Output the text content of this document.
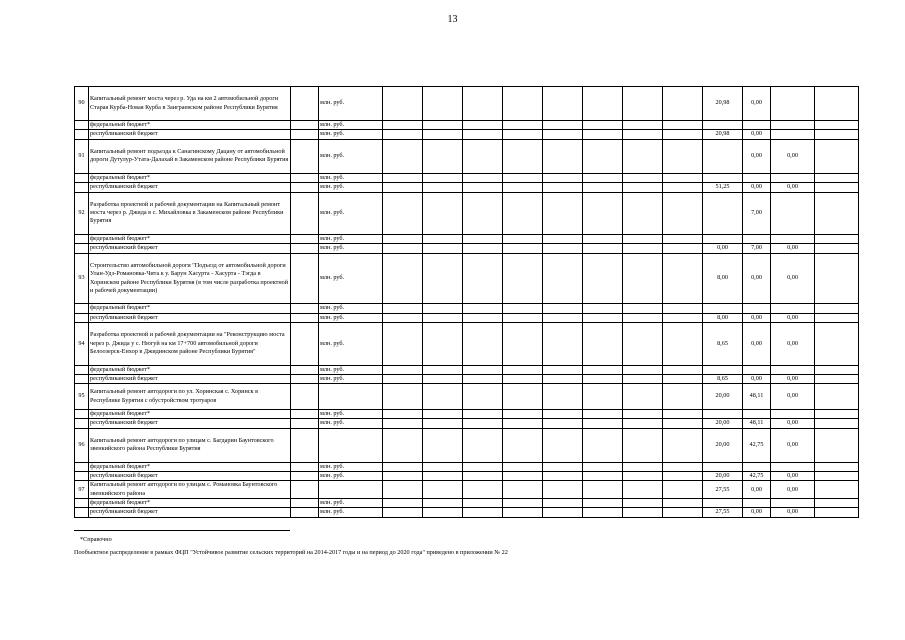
13
90	Капитальный ремонт моста через р. Уда на км 2 автомобильной дороги Старая Курба-Новая Курба в Заиграевском районе Республики Бурятия		млн. руб.									20,98	0,00		
	федеральный бюджет*		млн. руб.												
	республиканский бюджет		млн. руб.									20,98	0,00		
91	Капитальный ремонт подъезда к Санагинскому Дацану от автомобильной дороги Дутулур-Утата-Далахай в Закаменском районе Республики Бурятия		млн. руб.										0,00	0,00	
	федеральный бюджет*		млн. руб.												
	республиканский бюджет		млн. руб.									51,25	0,00	0,00	
92	Разработка проектной и рабочей документации на Капитальный ремонт моста через р. Джида в с. Михайловка в Закаменском районе Республики Бурятия		млн. руб.										7,00		
	федеральный бюджет*		млн. руб.												
	республиканский бюджет		млн. руб.									0,00	7,00	0,00	
93	Строительство автомобильной дороги "Подъезд от автомобильной дороги Улан-Удэ-Романовка-Чита к у. Барун Хасурта - Хасурта - Тэгда в Хоринском районе Республики Бурятия (в том числе разработка проектной и рабочей документации)		млн. руб.									8,00	0,00	0,00	
	федеральный бюджет*		млн. руб.												
	республиканский бюджет		млн. руб.									8,00	0,00	0,00	
94	Разработка проектной и рабочей документации на "Реконструкцию моста через р. Джида у с. Нюгуй на км 17+700 автомобильной дороги Белоозерск-Енхор в Джидинском районе Республики Бурятия"		млн. руб.									8,65	0,00	0,00	
	федеральный бюджет*		млн. руб.												
	республиканский бюджет		млн. руб.									8,65	0,00	0,00	
95	Капитальный ремонт автодороги по ул. Хоринская с. Хоринск в Республике Бурятия с обустройством тротуаров											20,00	48,11	0,00	
	федеральный бюджет*		млн. руб.												
	республиканский бюджет		млн. руб.									20,00	48,11	0,00	
96	Капитальный ремонт автодороги по улицам с. Багдарин Баунтовского эвенкийского района Республики Бурятия											20,00	42,75	0,00	
	федеральный бюджет*		млн. руб.												
	республиканский бюджет		млн. руб.									20,00	42,75	0,00	
97	Капитальный ремонт автодороги по улицам с. Романовка Баунтовского эвенкийского района											27,55	0,00	0,00	
	федеральный бюджет*		млн. руб.												
	республиканский бюджет		млн. руб.									27,55	0,00	0,00	
*Справочно
Пообъектное распределение в рамках ФЦП "Устойчивое развитие сельских территорий на 2014-2017 годы и на период до 2020 года" приведено в приложении № 22
